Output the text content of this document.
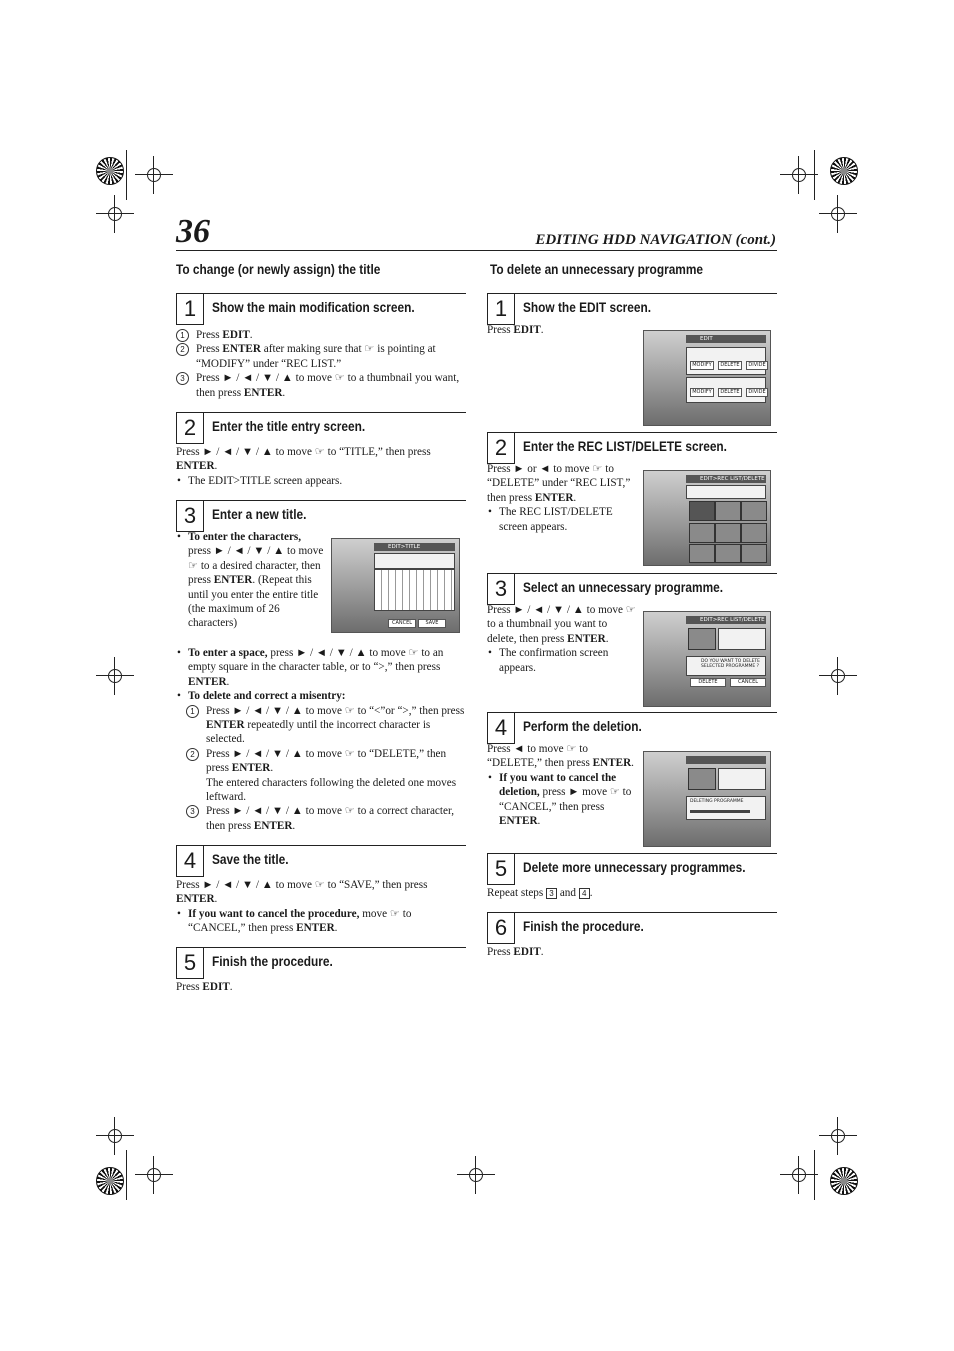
36	EDITING HDD NAVIGATION (cont.)
To change (or newly assign) the title
1	Show the main modification screen.
1	Press EDIT.
2	Press ENTER after making sure that ☞ is pointing at “MODIFY” under “REC LIST.”
3	Press ► / ◄ / ▼ / ▲ to move ☞ to a thumbnail you want, then press ENTER.
2	Enter the title entry screen.
Press ► / ◄ / ▼ / ▲ to move ☞ to “TITLE,” then press ENTER.
• The EDIT>TITLE screen appears.
3	Enter a new title.
• To enter the characters, press ► / ◄ / ▼ / ▲ to move ☞ to a desired character, then press ENTER. (Repeat this until you enter the entire title (the maximum of 26 characters)
EDIT>TITLE
CANCEL	SAVE
• To enter a space, press ► / ◄ / ▼ / ▲ to move ☞ to an empty square in the character table, or to “>,” then press ENTER.
• To delete and correct a misentry:
1	Press ► / ◄ / ▼ / ▲ to move ☞ to “<”or “>,” then press ENTER repeatedly until the incorrect character is selected.
2	Press ► / ◄ / ▼ / ▲ to move ☞ to “DELETE,” then press ENTER.
The entered characters following the deleted one moves leftward.
3	Press ► / ◄ / ▼ / ▲ to move ☞ to a correct character, then press ENTER.
4	Save the title.
Press ► / ◄ / ▼ / ▲ to move ☞ to “SAVE,” then press ENTER.
• If you want to cancel the procedure, move ☞ to “CANCEL,” then press ENTER.
5	Finish the procedure.
Press EDIT.
To delete an unnecessary programme
1	Show the EDIT screen.
Press EDIT.
EDIT
MODIFY	DELETE	DIVIDE
MODIFY	DELETE	DIVIDE
2	Enter the REC LIST/DELETE screen.
Press ► or ◄ to move ☞ to “DELETE” under “REC LIST,” then press ENTER.
• The REC LIST/DELETE screen appears.
EDIT>REC LIST/DELETE
3	Select an unnecessary programme.
Press ► / ◄ / ▼ / ▲ to move ☞ to a thumbnail you want to delete, then press ENTER.
• The confirmation screen appears.
EDIT>REC LIST/DELETE
DO YOU WANT TO DELETE SELECTED PROGRAMME ?
DELETE	CANCEL
4	Perform the deletion.
Press ◄ to move ☞ to “DELETE,” then press ENTER.
• If you want to cancel the deletion, press ► move ☞ to “CANCEL,” then press ENTER.
DELETING PROGRAMME
5	Delete more unnecessary programmes.
Repeat steps 3 and 4 .
6	Finish the procedure.
Press EDIT.
